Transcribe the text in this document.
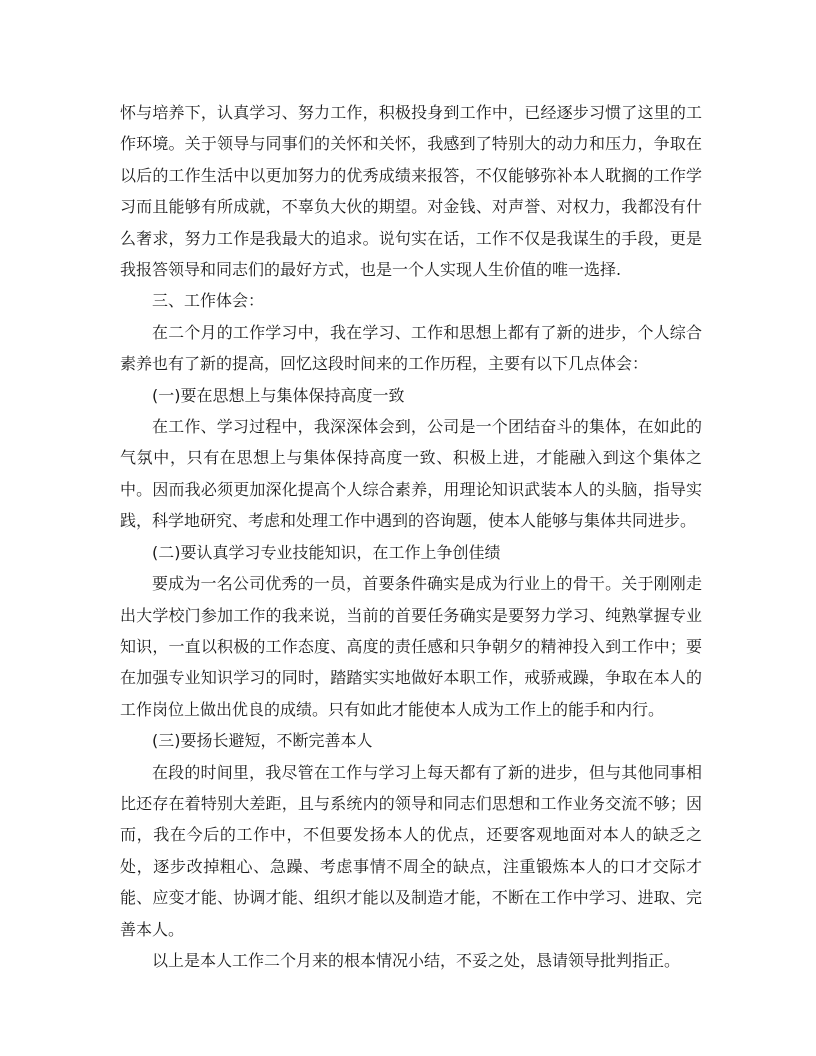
怀与培养下，认真学习、努力工作，积极投身到工作中，已经逐步习惯了这里的工作环境。关于领导与同事们的关怀和关怀，我感到了特别大的动力和压力，争取在以后的工作生活中以更加努力的优秀成绩来报答，不仅能够弥补本人耽搁的工作学习而且能够有所成就，不辜负大伙的期望。对金钱、对声誉、对权力，我都没有什么奢求，努力工作是我最大的追求。说句实在话，工作不仅是我谋生的手段，更是我报答领导和同志们的最好方式，也是一个人实现人生价值的唯一选择.

三、工作体会：

在二个月的工作学习中，我在学习、工作和思想上都有了新的进步，个人综合素养也有了新的提高，回忆这段时间来的工作历程，主要有以下几点体会：

(一)要在思想上与集体保持高度一致

在工作、学习过程中，我深深体会到，公司是一个团结奋斗的集体，在如此的气氛中，只有在思想上与集体保持高度一致、积极上进，才能融入到这个集体之中。因而我必须更加深化提高个人综合素养，用理论知识武装本人的头脑，指导实践，科学地研究、考虑和处理工作中遇到的咨询题，使本人能够与集体共同进步。

(二)要认真学习专业技能知识，在工作上争创佳绩

要成为一名公司优秀的一员，首要条件确实是成为行业上的骨干。关于刚刚走出大学校门参加工作的我来说，当前的首要任务确实是要努力学习、纯熟掌握专业知识，一直以积极的工作态度、高度的责任感和只争朝夕的精神投入到工作中；要在加强专业知识学习的同时，踏踏实实地做好本职工作，戒骄戒躁，争取在本人的工作岗位上做出优良的成绩。只有如此才能使本人成为工作上的能手和内行。

(三)要扬长避短，不断完善本人

在段的时间里，我尽管在工作与学习上每天都有了新的进步，但与其他同事相比还存在着特别大差距，且与系统内的领导和同志们思想和工作业务交流不够；因而，我在今后的工作中，不但要发扬本人的优点，还要客观地面对本人的缺乏之处，逐步改掉粗心、急躁、考虑事情不周全的缺点，注重锻炼本人的口才交际才能、应变才能、协调才能、组织才能以及制造才能，不断在工作中学习、进取、完善本人。

以上是本人工作二个月来的根本情况小结，不妥之处，恳请领导批判指正。
